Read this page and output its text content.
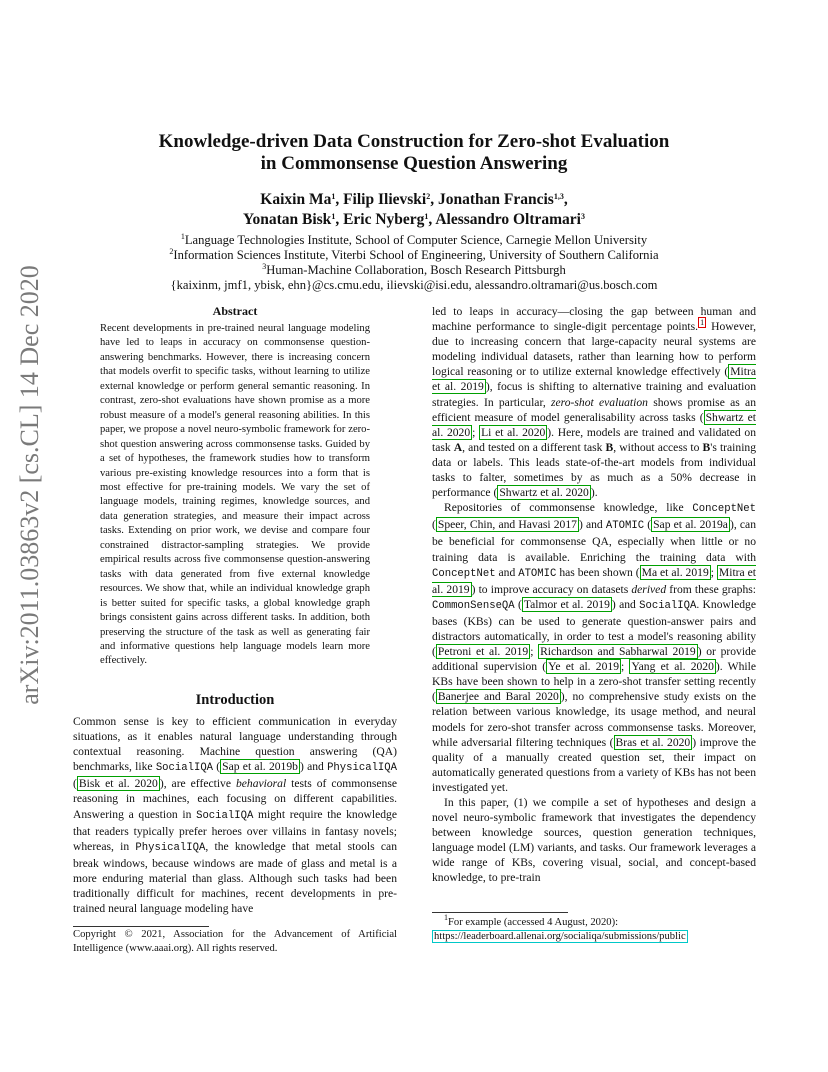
Knowledge-driven Data Construction for Zero-shot Evaluation
in Commonsense Question Answering
Kaixin Ma$^1$, Filip Ilievski$^2$, Jonathan Francis$^{1,3}$,
Yonatan Bisk$^1$, Eric Nyberg$^1$, Alessandro Oltramari$^3$
$^1$Language Technologies Institute, School of Computer Science, Carnegie Mellon University
$^2$Information Sciences Institute, Viterbi School of Engineering, University of Southern California
$^3$Human-Machine Collaboration, Bosch Research Pittsburgh
{kaixinm, jmf1, ybisk, ehn}@cs.cmu.edu, ilievski@isi.edu, alessandro.oltramari@us.bosch.com
arXiv:2011.03863v2 [cs.CL] 14 Dec 2020	Abstract
Recent developments in pre-trained neural language modeling have led to leaps in accuracy on commonsense question-answering benchmarks. However, there is increasing concern that models overfit to specific tasks, without learning to utilize external knowledge or perform general semantic reasoning. In contrast, zero-shot evaluations have shown promise as a more robust measure of a model's general reasoning abilities. In this paper, we propose a novel neuro-symbolic framework for zero-shot question answering across commonsense tasks. Guided by a set of hypotheses, the framework studies how to transform various pre-existing knowledge resources into a form that is most effective for pre-training models. We vary the set of language models, training regimes, knowledge sources, and data generation strategies, and measure their impact across tasks. Extending on prior work, we devise and compare four constrained distractor-sampling strategies. We provide empirical results across five commonsense question-answering tasks with data generated from five external knowledge resources. We show that, while an individual knowledge graph is better suited for specific tasks, a global knowledge graph brings consistent gains across different tasks. In addition, both preserving the structure of the task as well as generating fair and informative questions help language models learn more effectively.
Introduction

Common sense is key to efficient communication in everyday situations, as it enables natural language understanding through contextual reasoning. Machine question answering (QA) benchmarks, like SocialIQA ( Sap et al. 2019b ) and PhysicalIQA ( Bisk et al. 2020 ), are effective behavioral tests of commonsense reasoning in machines, each focusing on different capabilities. Answering a question in SocialIQA might require the knowledge that readers typically prefer heroes over villains in fantasy novels; whereas, in PhysicalIQA, the knowledge that metal stools can break windows, because windows are made of glass and metal is a more enduring material than glass. Although such tasks had been traditionally difficult for machines, recent developments in pre-trained neural language modeling have

led to leaps in accuracy—closing the gap between human and machine performance to single-digit percentage points. $^1$ However, due to increasing concern that large-capacity neural systems are modeling individual datasets, rather than learning how to perform logical reasoning or to utilize external knowledge effectively ( Mitra et al. 2019 ), focus is shifting to alternative training and evaluation strategies. In particular, zero-shot evaluation shows promise as an efficient measure of model generalisability across tasks ( Shwartz et al. 2020 ; Li et al. 2020 ). Here, models are trained and validated on task A, and tested on a different task B, without access to B's training data or labels. This leads state-of-the-art models from individual tasks to falter, sometimes by as much as a 50% decrease in performance ( Shwartz et al. 2020 ).

Repositories of commonsense knowledge, like ConceptNet ( Speer, Chin, and Havasi 2017 ) and ATOMIC ( Sap et al. 2019a ), can be beneficial for commonsense QA, especially when little or no training data is available. Enriching the training data with ConceptNet and ATOMIC has been shown ( Ma et al. 2019 ; Mitra et al. 2019 ) to improve accuracy on datasets derived from these graphs: CommonSenseQA ( Talmor et al. 2019 ) and SocialIQA. Knowledge bases (KBs) can be used to generate question-answer pairs and distractors automatically, in order to test a model's reasoning ability ( Petroni et al. 2019 ; Richardson and Sabharwal 2019 ) or provide additional supervision ( Ye et al. 2019 ; Yang et al. 2020 ). While KBs have been shown to help in a zero-shot transfer setting recently ( Banerjee and Baral 2020 ), no comprehensive study exists on the relation between various knowledge, its usage method, and neural models for zero-shot transfer across commonsense tasks. Moreover, while adversarial filtering techniques ( Bras et al. 2020 ) improve the quality of a manually created question set, their impact on automatically generated questions from a variety of KBs has not been investigated yet.

In this paper, (1) we compile a set of hypotheses and design a novel neuro-symbolic framework that investigates the dependency between knowledge sources, question generation techniques, language model (LM) variants, and tasks. Our framework leverages a wide range of KBs, covering visual, social, and concept-based knowledge, to pre-train

Copyright © 2021, Association for the Advancement of Artificial Intelligence (www.aaai.org). All rights reserved.
$^1$For example (accessed 4 August, 2020): https://leaderboard.allenai.org/socialiqa/submissions/public
